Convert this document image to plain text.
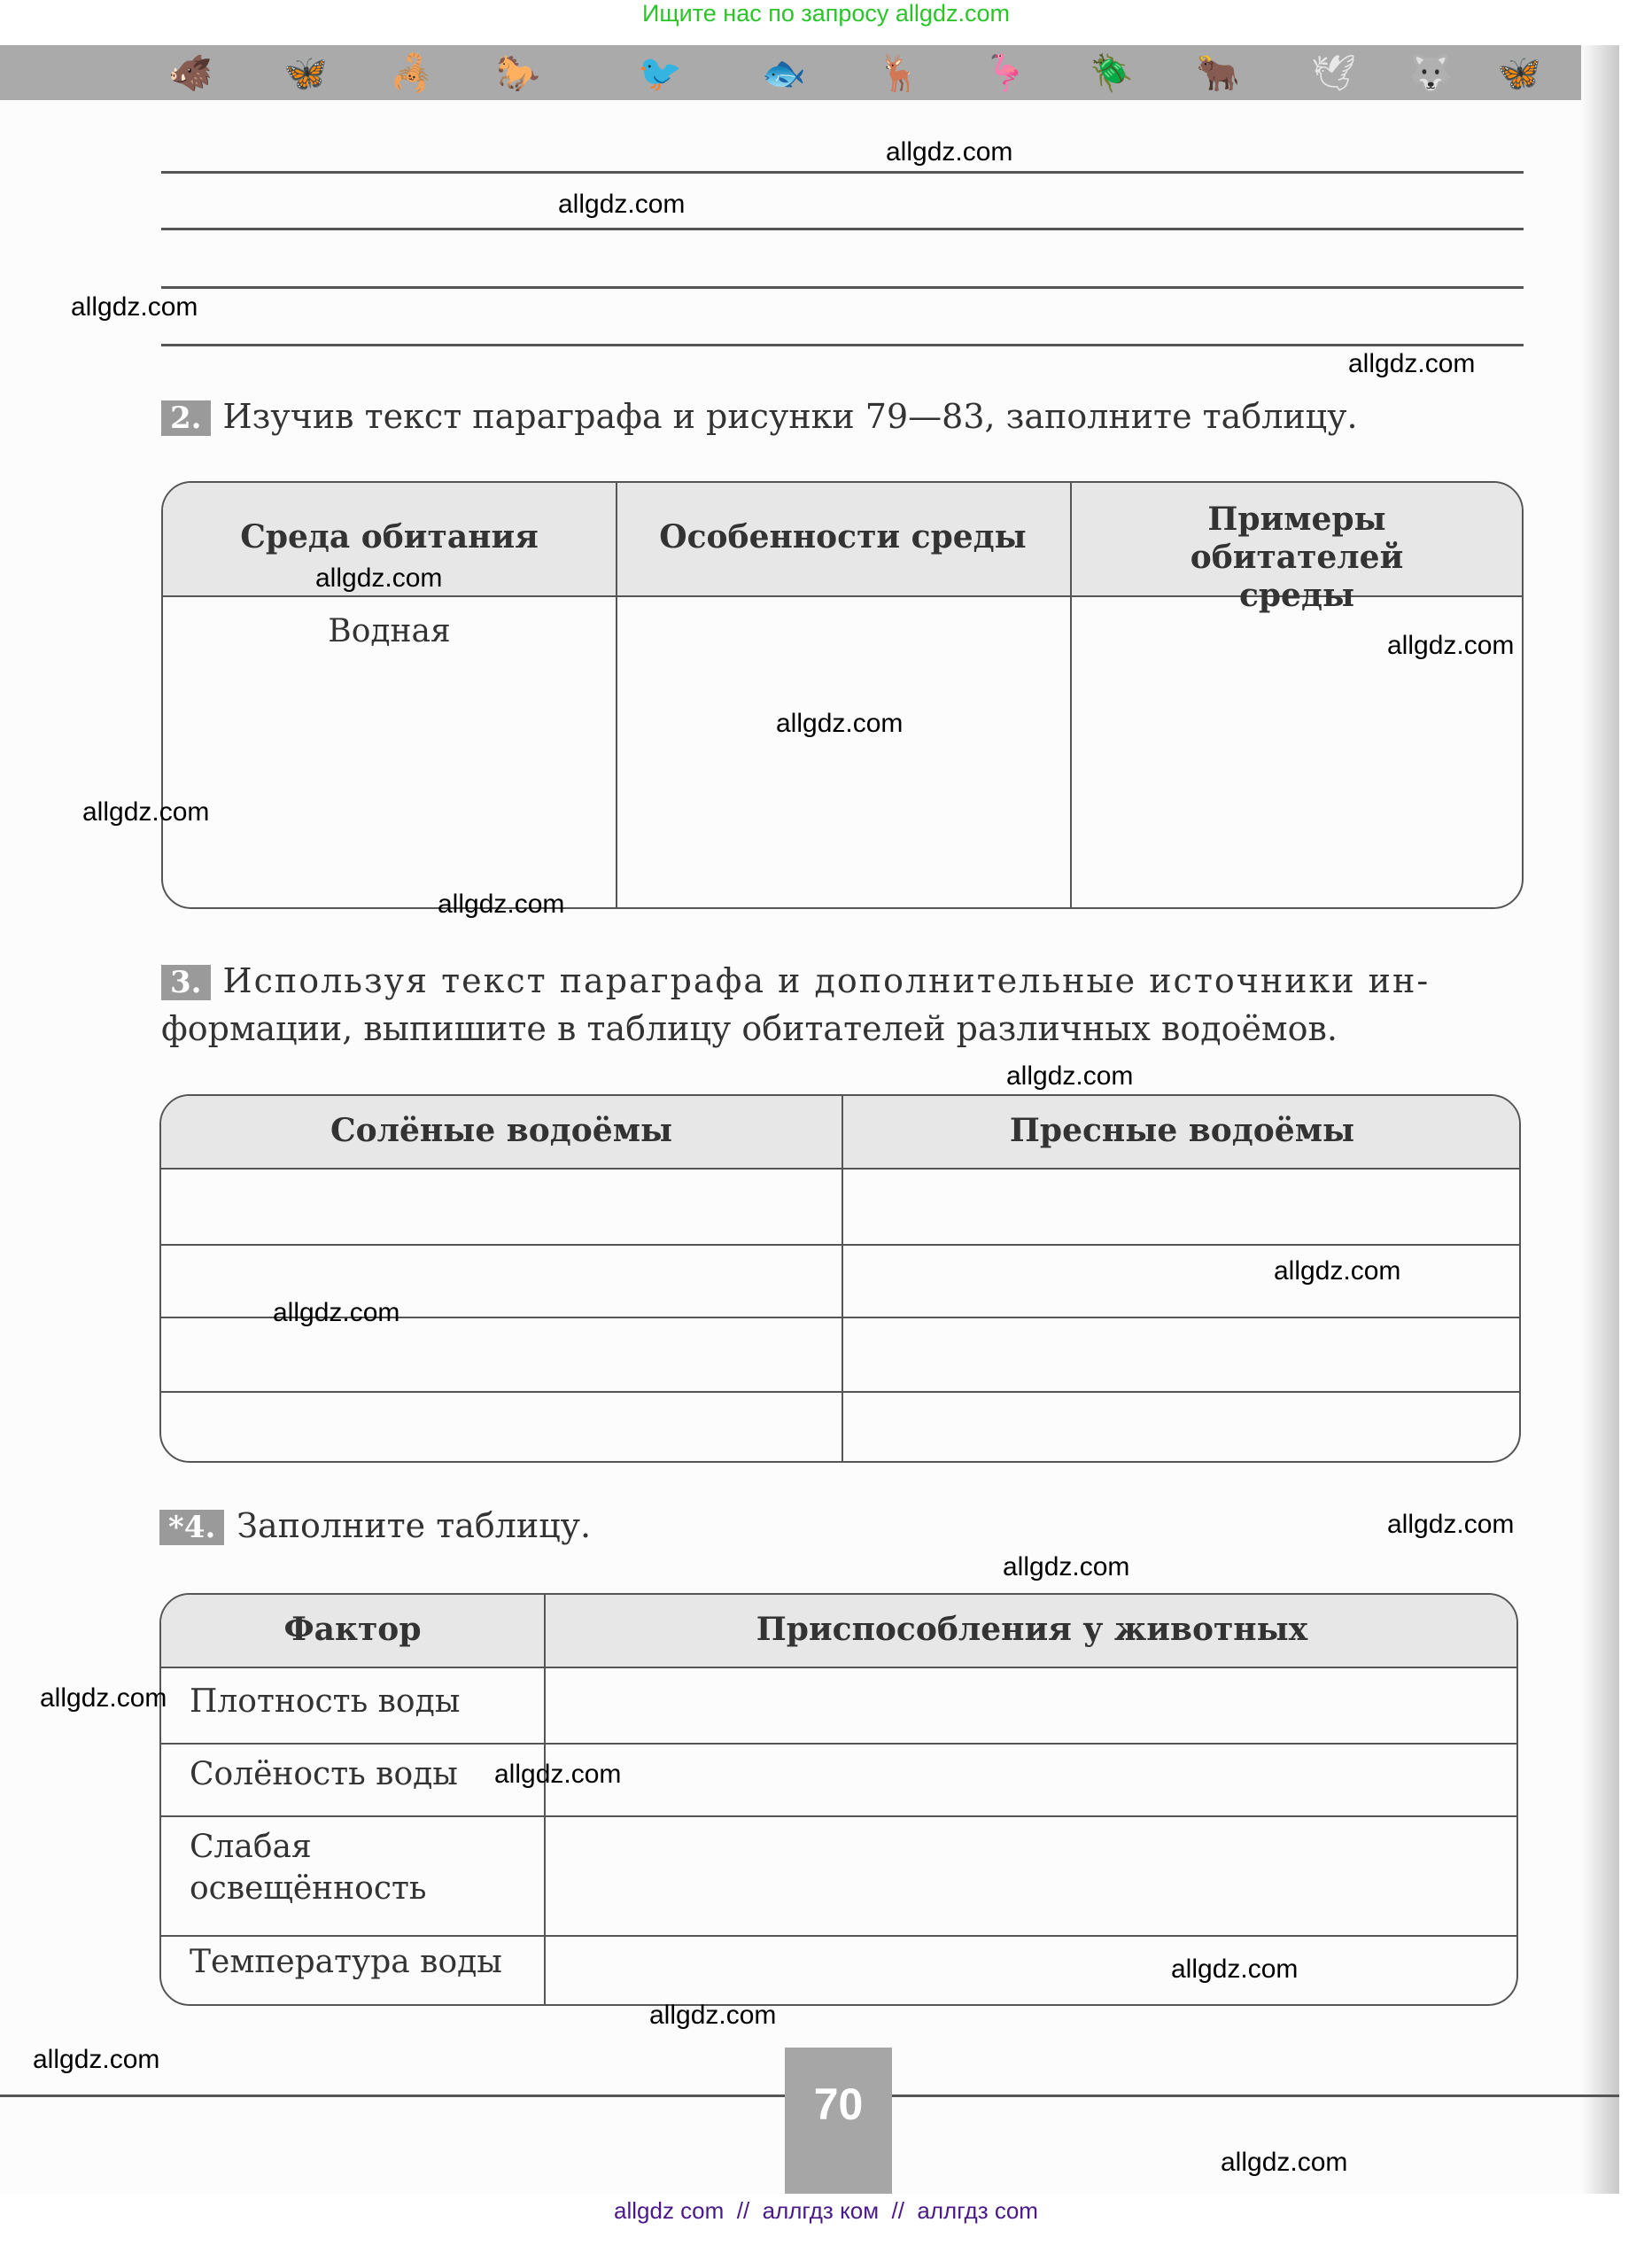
Ищите нас по запросу allgdz.com
🐗 🦋 🦂 🐎	🐦 🐟 🦌 🦩 🪲 🐂 🕊 🐺 🦋
2. Изучив текст параграфа и рисунки 79—83, заполните таблицу.
Среда обитания	Особенности среды	Примеры обитателей среды
Водная
3. Используя текст параграфа и дополнительные источники ин-
формации, выпишите в таблицу обитателей различных водоёмов.
Солёные водоёмы	Пресные водоёмы
*4. Заполните таблицу.
Фактор	Приспособления у животных
Плотность воды
Солёность воды
Слабая освещённость
Температура воды
70
allgdz.com
allgdz.com
allgdz.com
allgdz.com
allgdz.com
allgdz.com
allgdz.com
allgdz.com
allgdz.com
allgdz.com
allgdz.com
allgdz.com
allgdz.com
allgdz.com
allgdz.com
allgdz.com
allgdz.com
allgdz.com
allgdz.com
allgdz.com
allgdz com  //  аллгдз ком  //  аллгдз com
